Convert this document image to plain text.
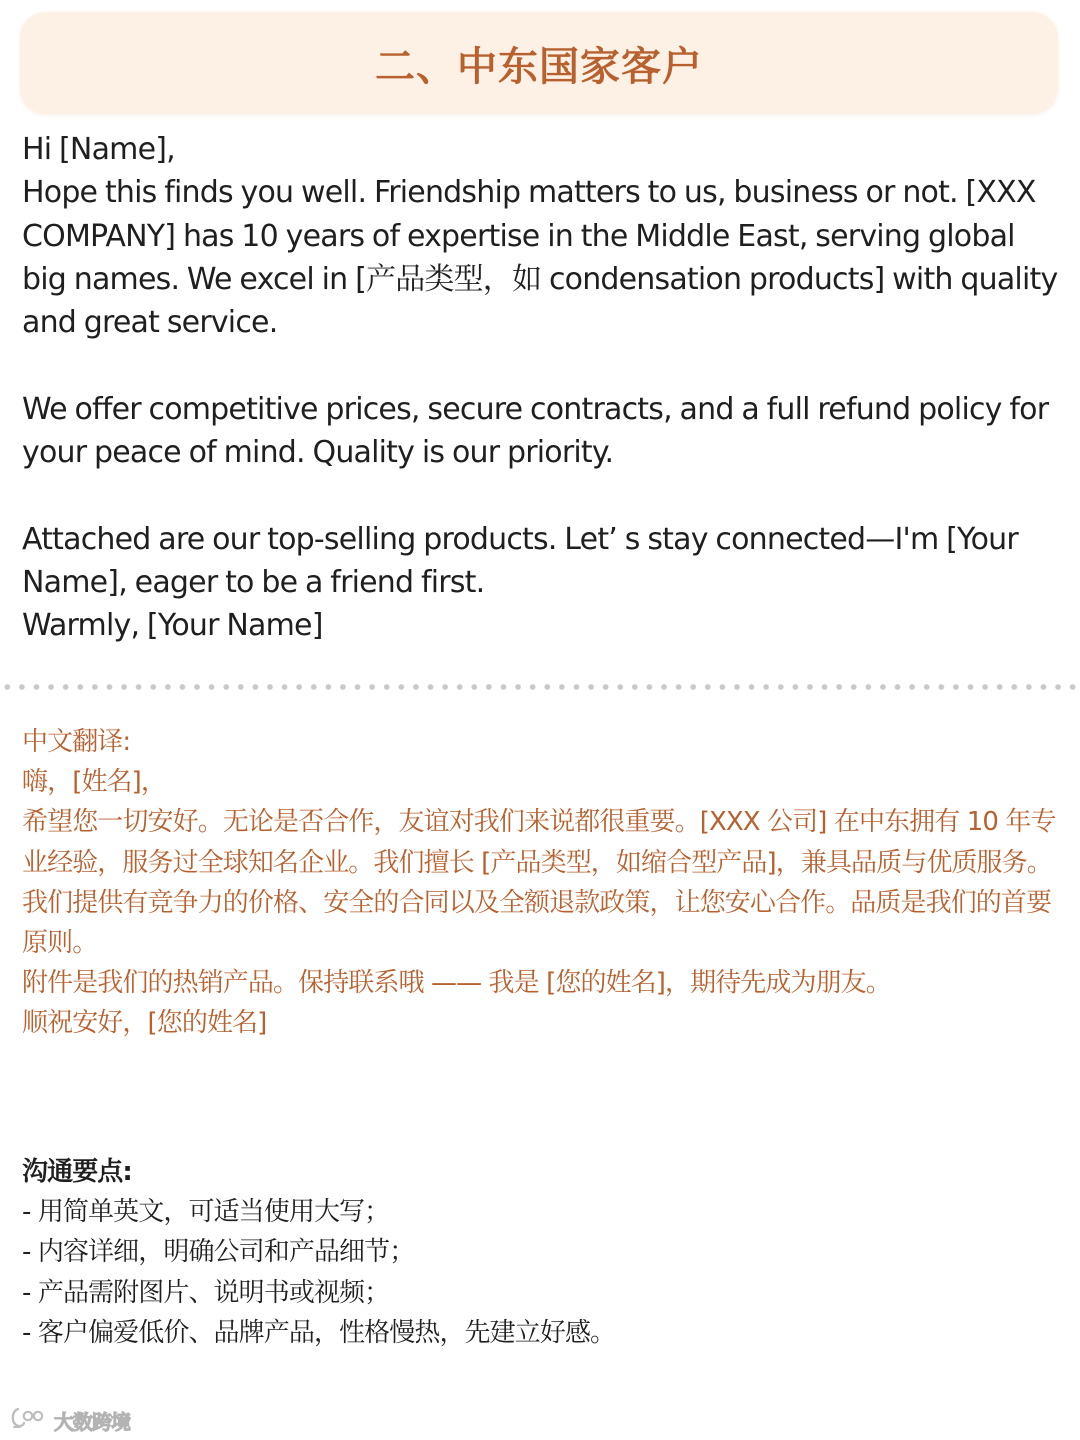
二、中东国家客户

Hi [Name],

Hope this finds you well. Friendship matters to us, business or not. [XXX COMPANY] has 10 years of expertise in the Middle East, serving global big names. We excel in [产品类型，如 condensation products] with quality and great service.

We offer competitive prices, secure contracts, and a full refund policy for your peace of mind. Quality is our priority.

Attached are our top-selling products. Let’ s stay connected—I'm [Your Name], eager to be a friend first.

Warmly, [Your Name]

中文翻译:

嗨，[姓名]，

希望您一切安好。无论是否合作，友谊对我们来说都很重要。[XXX 公司] 在中东拥有 10 年专业经验，服务过全球知名企业。我们擅长 [产品类型，如缩合型产品]，兼具品质与优质服务。

我们提供有竞争力的价格、安全的合同以及全额退款政策，让您安心合作。品质是我们的首要原则。

附件是我们的热销产品。保持联系哦 —— 我是 [您的姓名]，期待先成为朋友。

顺祝安好，[您的姓名]

沟通要点:

- 用简单英文，可适当使用大写；

- 内容详细，明确公司和产品细节；

- 产品需附图片、说明书或视频；

- 客户偏爱低价、品牌产品，性格慢热，先建立好感。

大数跨境
